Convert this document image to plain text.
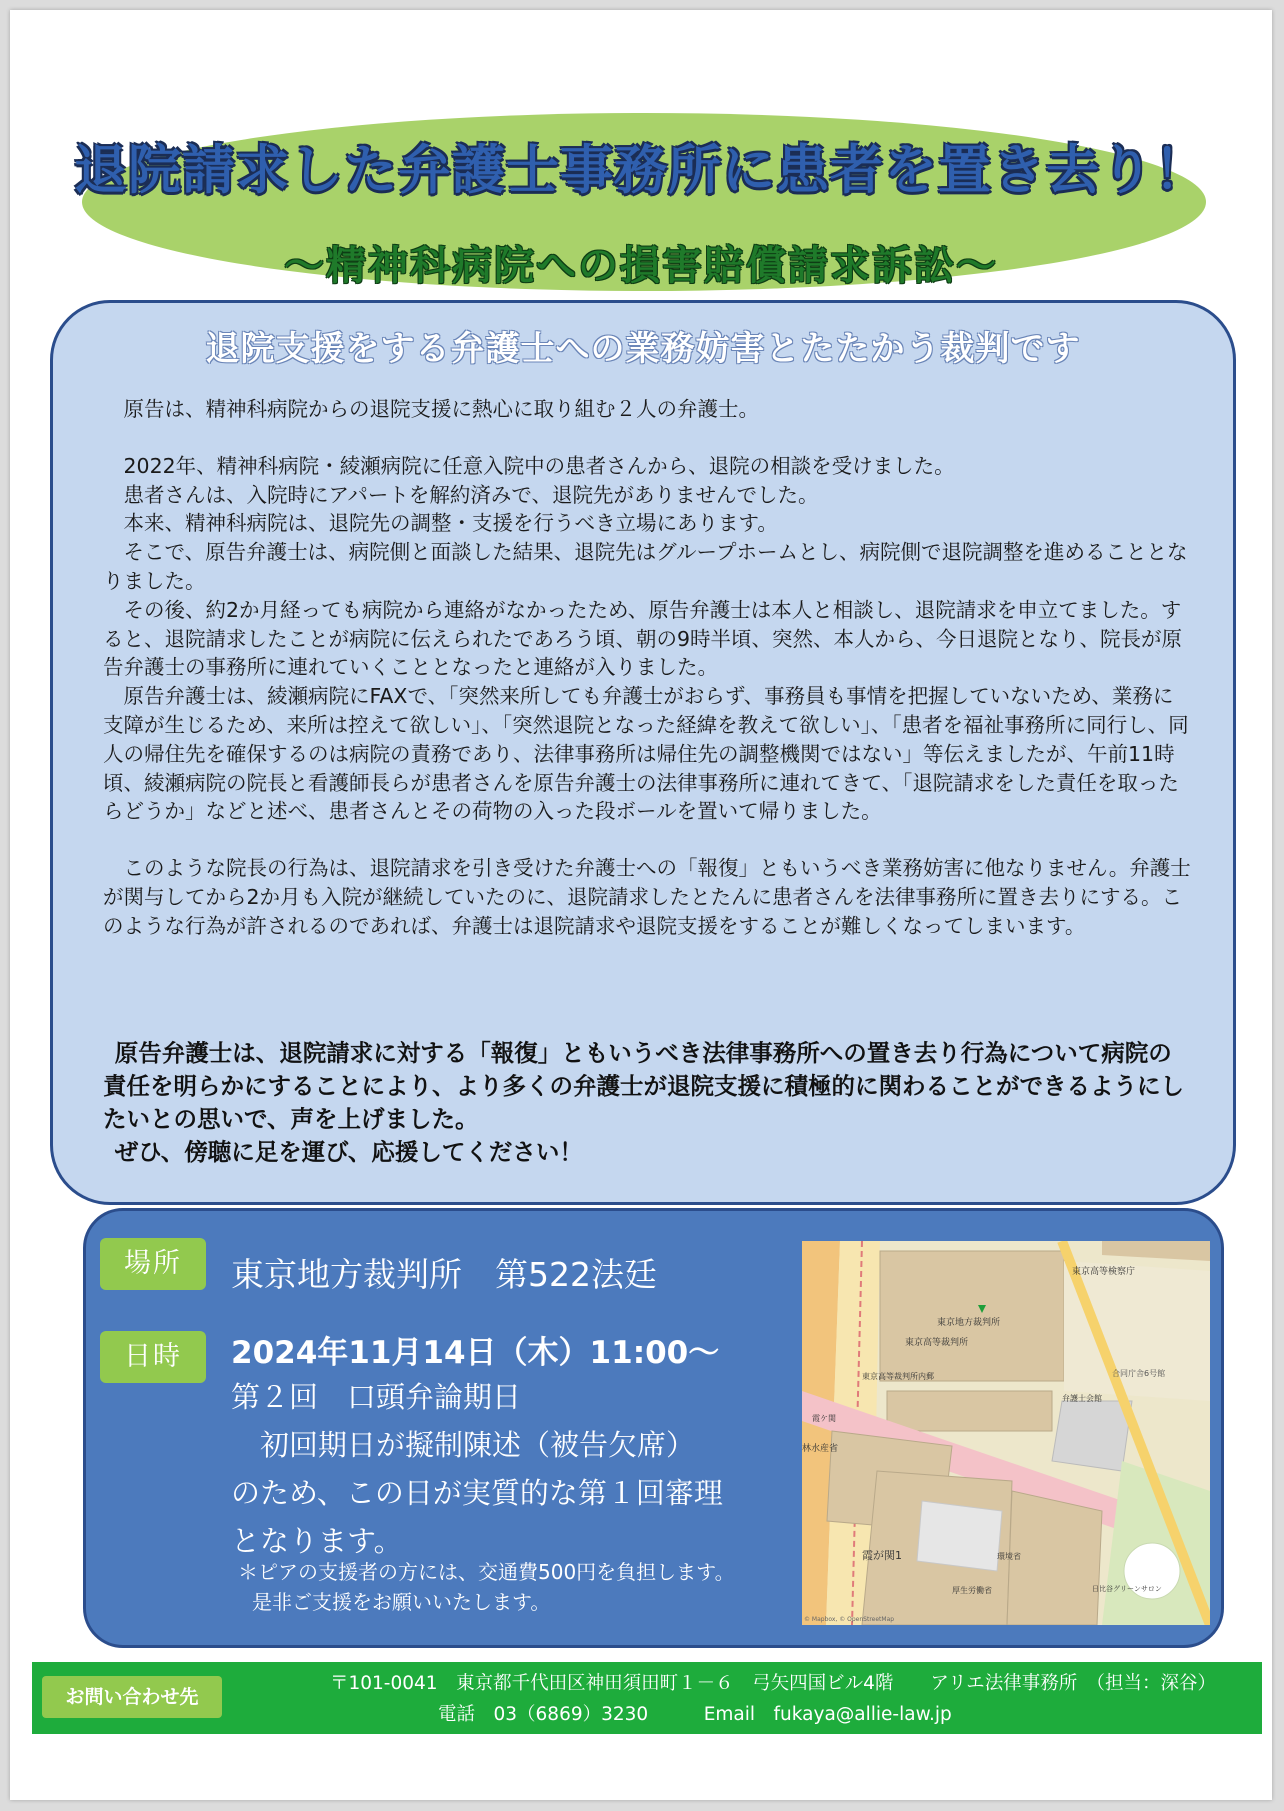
退院請求した弁護士事務所に患者を置き去り！
～精神科病院への損害賠償請求訴訟～
退院支援をする弁護士への業務妨害とたたかう裁判です

原告は、精神科病院からの退院支援に熱心に取り組む２人の弁護士。

2022年、精神科病院・綾瀬病院に任意入院中の患者さんから、退院の相談を受けました。

患者さんは、入院時にアパートを解約済みで、退院先がありませんでした。

本来、精神科病院は、退院先の調整・支援を行うべき立場にあります。

そこで、原告弁護士は、病院側と面談した結果、退院先はグループホームとし、病院側で退院調整を進めることとなりました。

その後、約2か月経っても病院から連絡がなかったため、原告弁護士は本人と相談し、退院請求を申立てました。すると、退院請求したことが病院に伝えられたであろう頃、朝の9時半頃、突然、本人から、今日退院となり、院長が原告弁護士の事務所に連れていくこととなったと連絡が入りました。

原告弁護士は、綾瀬病院にFAXで、「突然来所しても弁護士がおらず、事務員も事情を把握していないため、業務に支障が生じるため、来所は控えて欲しい」、「突然退院となった経緯を教えて欲しい」、「患者を福祉事務所に同行し、同人の帰住先を確保するのは病院の責務であり、法律事務所は帰住先の調整機関ではない」等伝えましたが、午前11時頃、綾瀬病院の院長と看護師長らが患者さんを原告弁護士の法律事務所に連れてきて、「退院請求をした責任を取ったらどうか」などと述べ、患者さんとその荷物の入った段ボールを置いて帰りました。

このような院長の行為は、退院請求を引き受けた弁護士への「報復」ともいうべき業務妨害に他なりません。弁護士が関与してから2か月も入院が継続していたのに、退院請求したとたんに患者さんを法律事務所に置き去りにする。このような行為が許されるのであれば、弁護士は退院請求や退院支援をすることが難しくなってしまいます。

原告弁護士は、退院請求に対する「報復」ともいうべき法律事務所への置き去り行為について病院の責任を明らかにすることにより、より多くの弁護士が退院支援に積極的に関わることができるようにしたいとの思いで、声を上げました。

ぜひ、傍聴に足を運び、応援してください！

場所	東京地方裁判所　第522法廷
日時	2024年11月14日（木）11:00～

第２回　口頭弁論期日

　初回期日が擬制陳述（被告欠席）

のため、この日が実質的な第１回審理

となります。

＊ピアの支援者の方には、交通費500円を負担します。

是非ご支援をお願いいたします。

東京高等検察庁
東京地方裁判所
東京高等裁判所
東京高等裁判所内郵
弁護士会館
合同庁舎6号館
霞ケ関
林水産省
霞が関1	環境省
厚生労働省	日比谷グリーンサロン
© Mapbox, © OpenStreetMap
お問い合わせ先
〒101-0041　東京都千代田区神田須田町１－６　弓矢四国ビル4階　　アリエ法律事務所　（担当：深谷）
電話　03（6869）3230　　　Email　fukaya@allie-law.jp
